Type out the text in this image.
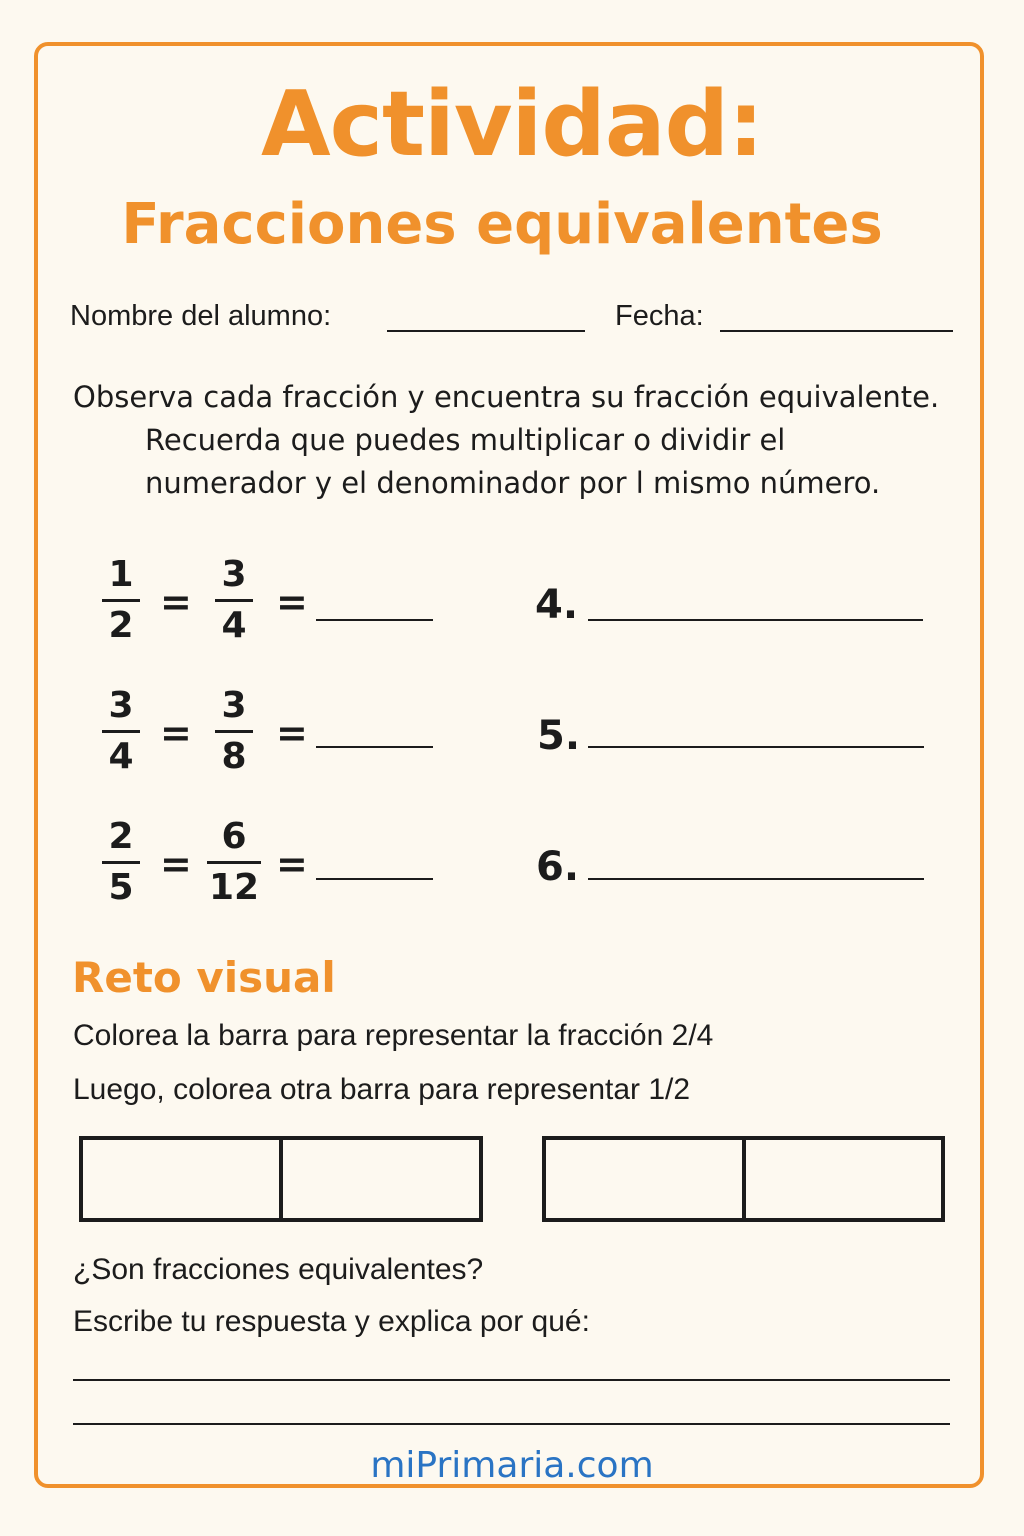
Actividad:
Fracciones equivalentes
Nombre del alumno:	Fecha:
Observa cada fracción y encuentra su fracción equivalente.
Recuerda que puedes multiplicar o dividir el
numerador y el denominador por l mismo número.
1
2
=
3
4
=
3
4
=
3
8
=
2
5
=
6
12
=
4.
5.
6.
Reto visual
Colorea la barra para representar la fracción 2/4
Luego, colorea otra barra para representar 1/2
¿Son fracciones equivalentes?
Escribe tu respuesta y explica por qué:
miPrimaria.com
